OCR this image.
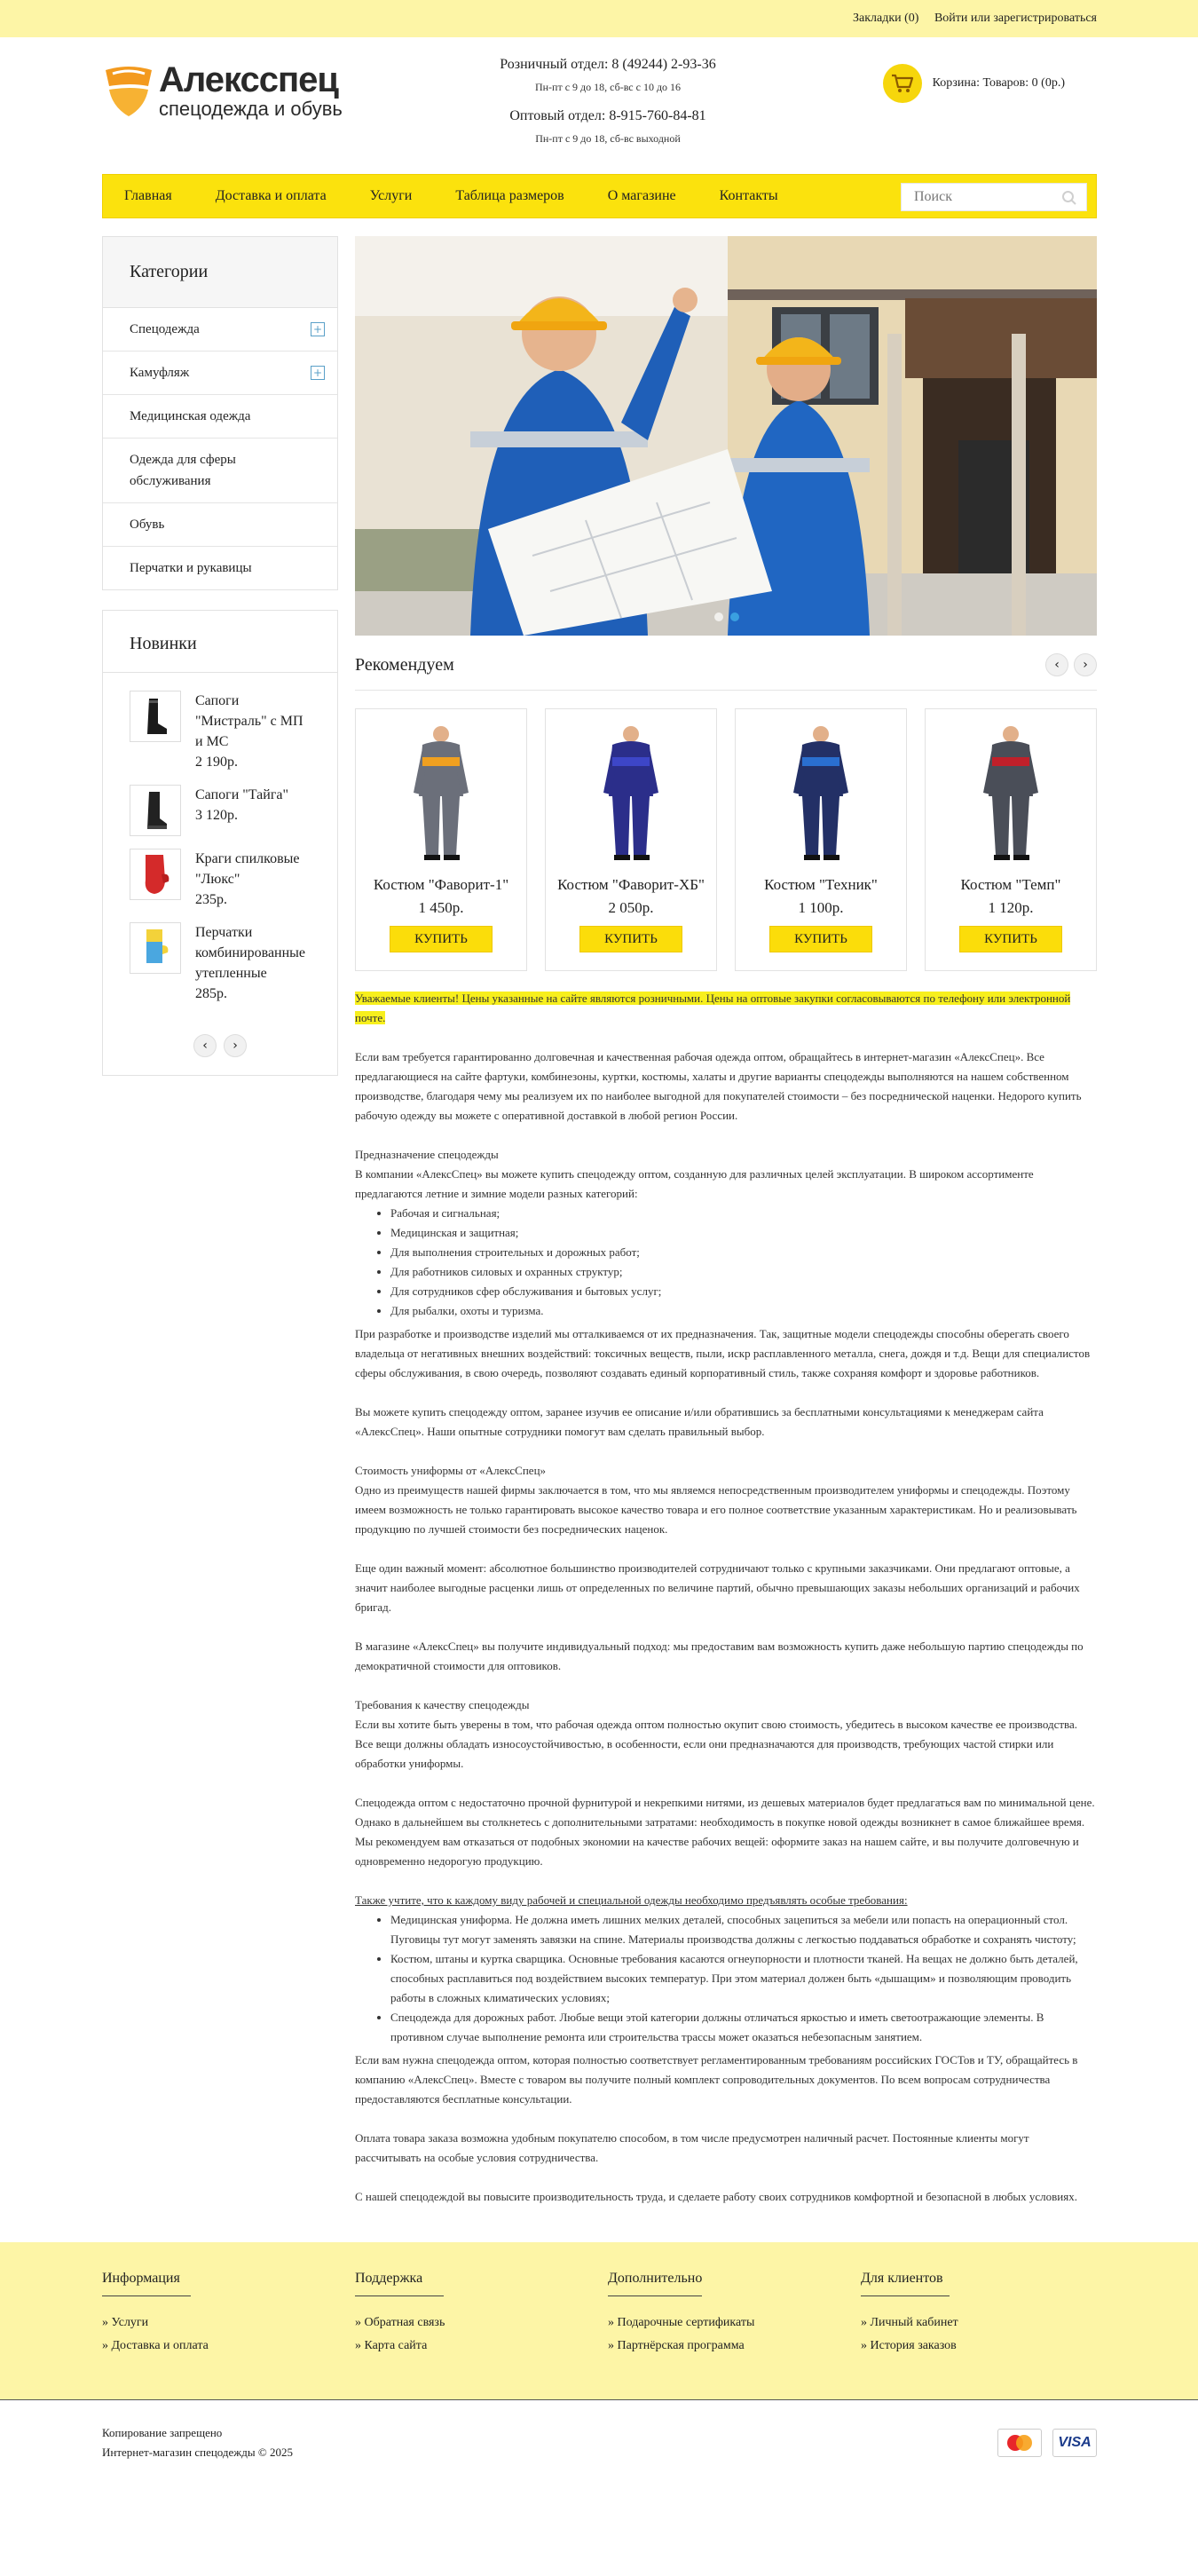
Закладки (0) Войти или зарегистрироваться
Алексспец
спецодежда и обувь
Розничный отдел: 8 (49244) 2-93-36
Пн-пт с 9 до 18, сб-вс с 10 до 16
Оптовый отдел: 8-915-760-84-81
Пн-пт с 9 до 18, сб-вс выходной
Корзина: Товаров: 0 (0р.)
Главная	Доставка и оплата	Услуги	Таблица размеров	О магазине	Контакты
Поиск
Категории
Спецодежда	+
Камуфляж	+
Медицинская одежда
Одежда для сферы обслуживания
Обувь
Перчатки и рукавицы
Новинки
Сапоги "Мистраль" с МП и МС
2 190р.
Сапоги "Тайга"
3 120р.
Краги спилковые "Люкс"
235р.
Перчатки комбинированные утепленные
285р.
‹	›
Рекомендуем	‹	›
Костюм "Фаворит-1"
1 450р.
КУПИТЬ
Костюм "Фаворит-ХБ"
2 050р.
КУПИТЬ
Костюм "Техник"
1 100р.
КУПИТЬ
Костюм "Темп"
1 120р.
КУПИТЬ

Уважаемые клиенты! Цены указанные на сайте являются розничными. Цены на оптовые закупки согласовываются по телефону или электронной почте.

Если вам требуется гарантированно долговечная и качественная рабочая одежда оптом, обращайтесь в интернет-магазин «АлексСпец». Все предлагающиеся на сайте фартуки, комбинезоны, куртки, костюмы, халаты и другие варианты спецодежды выполняются на нашем собственном производстве, благодаря чему мы реализуем их по наиболее выгодной для покупателей стоимости – без посреднической наценки. Недорого купить рабочую одежду вы можете с оперативной доставкой в любой регион России.

Предназначение спецодежды

В компании «АлексСпец» вы можете купить спецодежду оптом, созданную для различных целей эксплуатации. В широком ассортименте предлагаются летние и зимние модели разных категорий:

• Рабочая и сигнальная;
• Медицинская и защитная;
• Для выполнения строительных и дорожных работ;
• Для работников силовых и охранных структур;
• Для сотрудников сфер обслуживания и бытовых услуг;
• Для рыбалки, охоты и туризма.

При разработке и производстве изделий мы отталкиваемся от их предназначения. Так, защитные модели спецодежды способны оберегать своего владельца от негативных внешних воздействий: токсичных веществ, пыли, искр расплавленного металла, снега, дождя и т.д. Вещи для специалистов сферы обслуживания, в свою очередь, позволяют создавать единый корпоративный стиль, также сохраняя комфорт и здоровье работников.

Вы можете купить спецодежду оптом, заранее изучив ее описание и/или обратившись за бесплатными консультациями к менеджерам сайта «АлексСпец». Наши опытные сотрудники помогут вам сделать правильный выбор.

Стоимость униформы от «АлексСпец»

Одно из преимуществ нашей фирмы заключается в том, что мы являемся непосредственным производителем униформы и спецодежды. Поэтому имеем возможность не только гарантировать высокое качество товара и его полное соответствие указанным характеристикам. Но и реализовывать продукцию по лучшей стоимости без посреднических наценок.

Еще один важный момент: абсолютное большинство производителей сотрудничают только с крупными заказчиками. Они предлагают оптовые, а значит наиболее выгодные расценки лишь от определенных по величине партий, обычно превышающих заказы небольших организаций и рабочих бригад.

В магазине «АлексСпец» вы получите индивидуальный подход: мы предоставим вам возможность купить даже небольшую партию спецодежды по демократичной стоимости для оптовиков.

Требования к качеству спецодежды

Если вы хотите быть уверены в том, что рабочая одежда оптом полностью окупит свою стоимость, убедитесь в высоком качестве ее производства. Все вещи должны обладать износоустойчивостью, в особенности, если они предназначаются для производств, требующих частой стирки или обработки униформы.

Спецодежда оптом с недостаточно прочной фурнитурой и некрепкими нитями, из дешевых материалов будет предлагаться вам по минимальной цене. Однако в дальнейшем вы столкнетесь с дополнительными затратами: необходимость в покупке новой одежды возникнет в самое ближайшее время. Мы рекомендуем вам отказаться от подобных экономии на качестве рабочих вещей: оформите заказ на нашем сайте, и вы получите долговечную и одновременно недорогую продукцию.

Также учтите, что к каждому виду рабочей и специальной одежды необходимо предъявлять особые требования:

• Медицинская униформа. Не должна иметь лишних мелких деталей, способных зацепиться за мебели или попасть на операционный стол. Пуговицы тут могут заменять завязки на спине. Материалы производства должны с легкостью поддаваться обработке и сохранять чистоту;
• Костюм, штаны и куртка сварщика. Основные требования касаются огнеупорности и плотности тканей. На вещах не должно быть деталей, способных расплавиться под воздействием высоких температур. При этом материал должен быть «дышащим» и позволяющим проводить работы в сложных климатических условиях;
• Спецодежда для дорожных работ. Любые вещи этой категории должны отличаться яркостью и иметь светоотражающие элементы. В противном случае выполнение ремонта или строительства трассы может оказаться небезопасным занятием.

Если вам нужна спецодежда оптом, которая полностью соответствует регламентированным требованиям российских ГОСТов и ТУ, обращайтесь в компанию «АлексСпец». Вместе с товаром вы получите полный комплект сопроводительных документов. По всем вопросам сотрудничества предоставляются бесплатные консультации.

Оплата товара заказа возможна удобным покупателю способом, в том числе предусмотрен наличный расчет. Постоянные клиенты могут рассчитывать на особые условия сотрудничества.

С нашей спецодеждой вы повысите производительность труда, и сделаете работу своих сотрудников комфортной и безопасной в любых условиях.

Информация
» Услуги
» Доставка и оплата
Поддержка
» Обратная связь
» Карта сайта
Дополнительно
» Подарочные сертификаты
» Партнёрская программа
Для клиентов
» Личный кабинет
» История заказов
Копирование запрещено
Интернет-магазин спецодежды © 2025
VISA
